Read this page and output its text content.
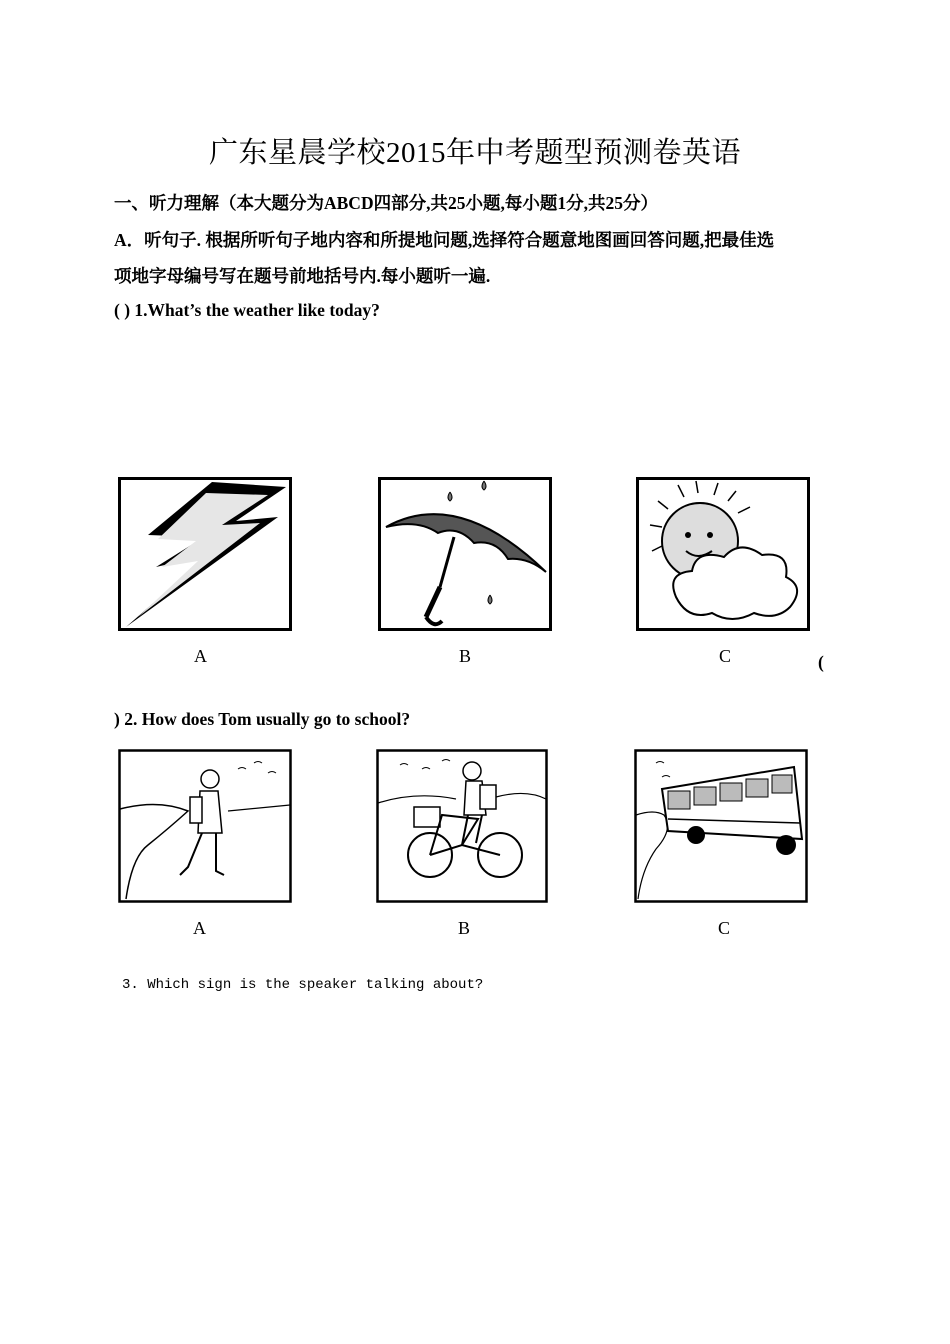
广东星晨学校2015年中考题型预测卷英语
一、听力理解（本大题分为ABCD四部分,共25小题,每小题1分,共25分）
A．听句子. 根据所听句子地内容和所提地问题,选择符合题意地图画回答问题,把最佳选
项地字母编号写在题号前地括号内.每小题听一遍.
( ) 1.What’s the weather like today?
A	B	C	(
) 2. How does Tom usually go to school?
A	B	C
3. Which sign is the speaker talking about?
